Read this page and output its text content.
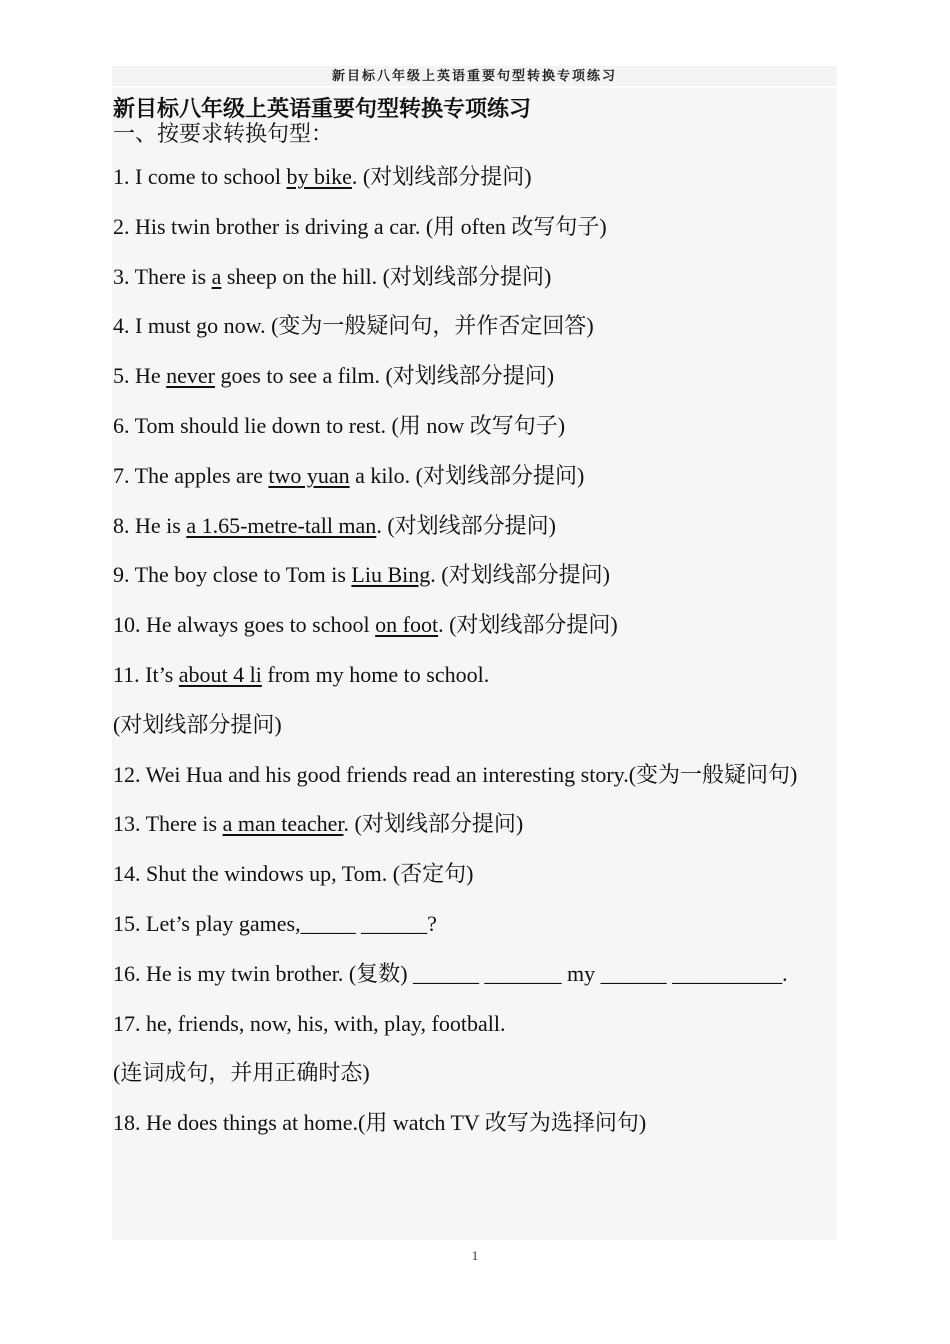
新目标八年级上英语重要句型转换专项练习
新目标八年级上英语重要句型转换专项练习
一、按要求转换句型：
1. I come to school by bike. (对划线部分提问)
2. His twin brother is driving a car. (用 often 改写句子)
3. There is a sheep on the hill. (对划线部分提问)
4. I must go now. (变为一般疑问句，并作否定回答)
5. He never goes to see a film. (对划线部分提问)
6. Tom should lie down to rest. (用 now 改写句子)
7. The apples are two yuan a kilo. (对划线部分提问)
8. He is a 1.65-metre-tall man. (对划线部分提问)
9. The boy close to Tom is Liu Bing. (对划线部分提问)
10. He always goes to school on foot. (对划线部分提问)
11. It’s about 4 li from my home to school.
(对划线部分提问)
12. Wei Hua and his good friends read an interesting story.(变为一般疑问句)
13. There is a man teacher. (对划线部分提问)
14. Shut the windows up, Tom. (否定句)
15. Let’s play games,_____ ______?
16. He is my twin brother. (复数) ______ _______ my ______ __________.
17. he, friends, now, his, with, play, football.
(连词成句，并用正确时态)
18. He does things at home.(用 watch TV 改写为选择问句)
1
